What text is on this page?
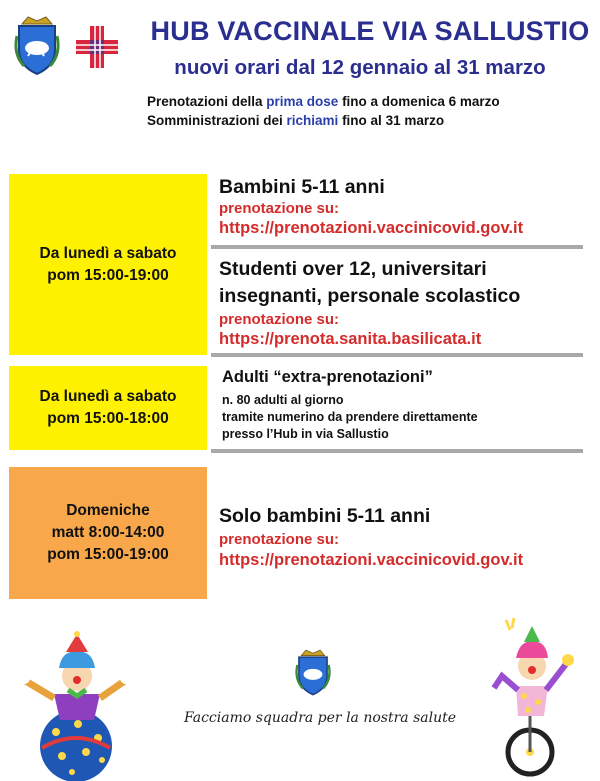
HUB VACCINALE VIA SALLUSTIO
nuovi orari dal 12 gennaio al 31 marzo
Prenotazioni della prima dose fino a domenica 6 marzo
Somministrazioni dei richiami fino al 31 marzo
Da lunedì a sabato
pom 15:00-19:00
Bambini 5-11 anni
prenotazione su:
https://prenotazioni.vaccinicovid.gov.it
Studenti over 12, universitari
insegnanti, personale scolastico
prenotazione su:
https://prenota.sanita.basilicata.it
Da lunedì a sabato
pom 15:00-18:00
Adulti “extra-prenotazioni”
n. 80 adulti al giorno
tramite numerino da prendere direttamente
presso l’Hub in via Sallustio
Domeniche
matt 8:00-14:00
pom 15:00-19:00
Solo bambini 5-11 anni
prenotazione su:
https://prenotazioni.vaccinicovid.gov.it
Facciamo squadra per la nostra salute
